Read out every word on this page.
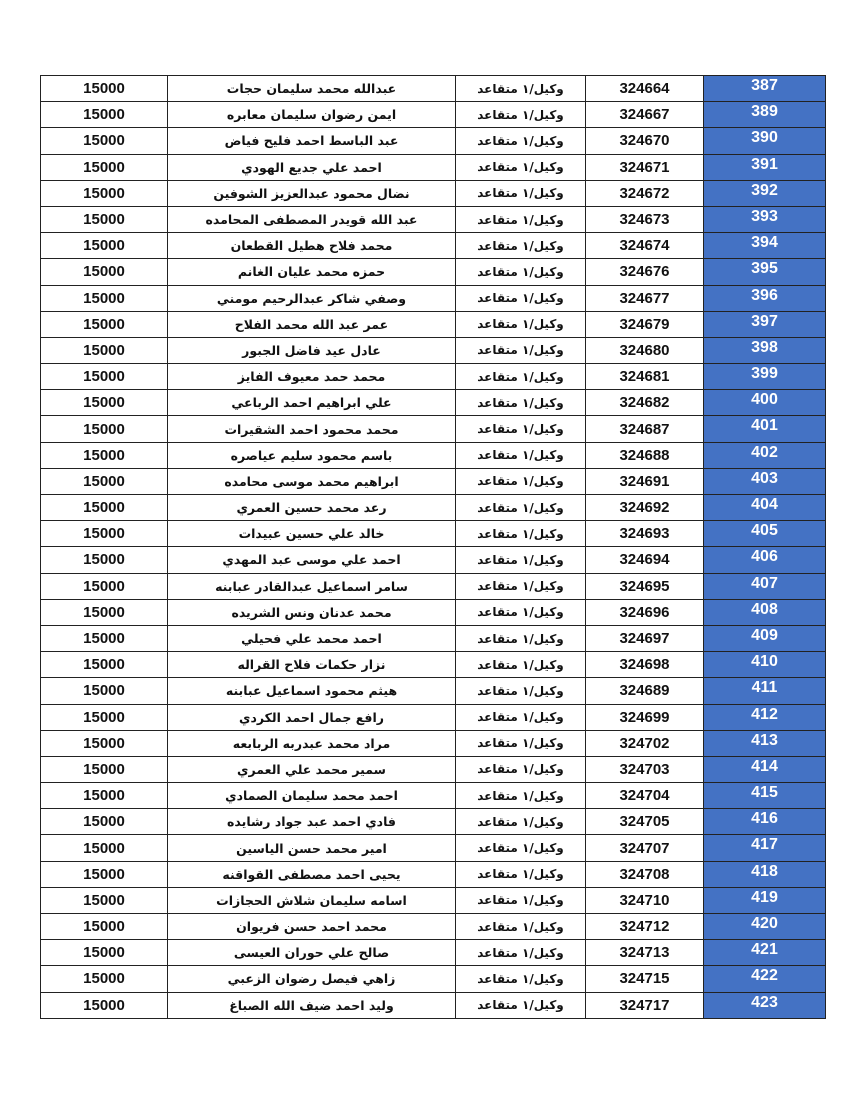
15000	عبدالله محمد سليمان حجات	وكيل/١ متقاعد	324664	387

15000	ايمن رضوان سليمان معابره	وكيل/١ متقاعد	324667	389

15000	عبد الباسط احمد فليح فياض	وكيل/١ متقاعد	324670	390

15000	احمد علي جديع الهودي	وكيل/١ متقاعد	324671	391

15000	نضال محمود عبدالعزيز الشوفين	وكيل/١ متقاعد	324672	392

15000	عبد الله قويدر المصطفى المحامده	وكيل/١ متقاعد	324673	393

15000	محمد فلاح هطيل القطعان	وكيل/١ متقاعد	324674	394

15000	حمزه محمد عليان الغانم	وكيل/١ متقاعد	324676	395

15000	وصفي شاكر عبدالرحيم مومني	وكيل/١ متقاعد	324677	396

15000	عمر عبد الله محمد الفلاح	وكيل/١ متقاعد	324679	397

15000	عادل عيد فاضل الجبور	وكيل/١ متقاعد	324680	398

15000	محمد حمد معيوف الفايز	وكيل/١ متقاعد	324681	399

15000	علي ابراهيم احمد الرباعي	وكيل/١ متقاعد	324682	400

15000	محمد محمود احمد الشقيرات	وكيل/١ متقاعد	324687	401

15000	باسم محمود سليم عياصره	وكيل/١ متقاعد	324688	402

15000	ابراهيم محمد موسى محامده	وكيل/١ متقاعد	324691	403

15000	رعد محمد حسين العمري	وكيل/١ متقاعد	324692	404

15000	خالد علي حسين عبيدات	وكيل/١ متقاعد	324693	405

15000	احمد علي موسى عبد المهدي	وكيل/١ متقاعد	324694	406

15000	سامر اسماعيل عبدالقادر عبابنه	وكيل/١ متقاعد	324695	407

15000	محمد عدنان ونس الشريده	وكيل/١ متقاعد	324696	408

15000	احمد محمد علي فحيلي	وكيل/١ متقاعد	324697	409

15000	نزار حكمات فلاح القراله	وكيل/١ متقاعد	324698	410

15000	هيثم محمود اسماعيل عبابنه	وكيل/١ متقاعد	324689	411

15000	رافع جمال احمد الكردي	وكيل/١ متقاعد	324699	412

15000	مراد محمد عبدربه الربابعه	وكيل/١ متقاعد	324702	413

15000	سمير محمد علي العمري	وكيل/١ متقاعد	324703	414

15000	احمد محمد سليمان الصمادي	وكيل/١ متقاعد	324704	415

15000	فادي احمد عبد جواد رشايده	وكيل/١ متقاعد	324705	416

15000	امير محمد حسن الياسين	وكيل/١ متقاعد	324707	417

15000	يحيى احمد مصطفى القواقنه	وكيل/١ متقاعد	324708	418

15000	اسامه سليمان شلاش الحجازات	وكيل/١ متقاعد	324710	419

15000	محمد احمد حسن فريوان	وكيل/١ متقاعد	324712	420

15000	صالح علي حوران العيسى	وكيل/١ متقاعد	324713	421

15000	زاهي فيصل رضوان الزعبي	وكيل/١ متقاعد	324715	422

15000	وليد احمد ضيف الله الصباغ	وكيل/١ متقاعد	324717	423
